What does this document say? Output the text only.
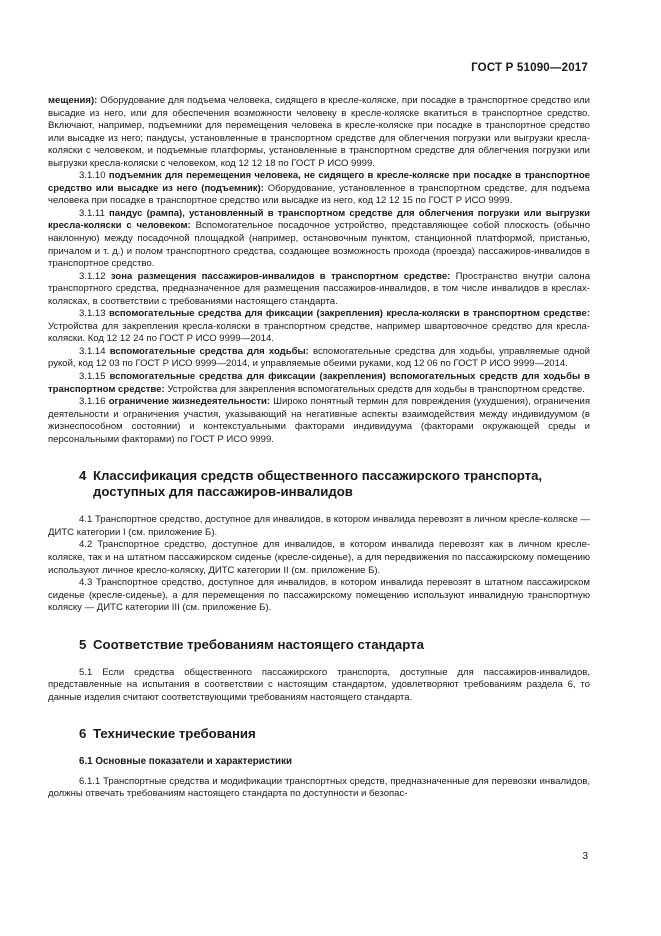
ГОСТ Р 51090—2017

мещения): Оборудование для подъема человека, сидящего в кресле-коляске, при посадке в транспортное средство или высадке из него, или для обеспечения возможности человеку в кресле-коляске вкатиться в транспортное средство. Включают, например, подъемники для перемещения человека в кресле-коляске при посадке в транспортное средство или высадке из него; пандусы, установленные в транспортном средстве для облегчения погрузки или выгрузки кресла-коляски с человеком, и подъемные платформы, установленные в транспортном средстве для облегчения погрузки или выгрузки кресла-коляски с человеком, код 12 12 18 по ГОСТ Р ИСО 9999.

3.1.10 подъемник для перемещения человека, не сидящего в кресле-коляске при посадке в транспортное средство или высадке из него (подъемник): Оборудование, установленное в транспортном средстве, для подъема человека при посадке в транспортное средство или высадке из него, код 12 12 15 по ГОСТ Р ИСО 9999.

3.1.11 пандус (рампа), установленный в транспортном средстве для облегчения погрузки или выгрузки кресла-коляски с человеком: Вспомогательное посадочное устройство, представляющее собой плоскость (обычно наклонную) между посадочной площадкой (например, остановочным пунктом, станционной платформой, пристанью, причалом и т. д.) и полом транспортного средства, создающее возможность прохода (проезда) пассажиров-инвалидов в транспортное средство.

3.1.12 зона размещения пассажиров-инвалидов в транспортном средстве: Пространство внутри салона транспортного средства, предназначенное для размещения пассажиров-инвалидов, в том числе инвалидов в креслах-колясках, в соответствии с требованиями настоящего стандарта.

3.1.13 вспомогательные средства для фиксации (закрепления) кресла-коляски в транспортном средстве: Устройства для закрепления кресла-коляски в транспортном средстве, например швартовочное средство для кресла-коляски. Код 12 12 24 по ГОСТ Р ИСО 9999—2014.

3.1.14 вспомогательные средства для ходьбы: вспомогательные средства для ходьбы, управляемые одной рукой, код 12 03 по ГОСТ Р ИСО 9999—2014, и управляемые обеими руками, код 12 06 по ГОСТ Р ИСО 9999—2014.

3.1.15 вспомогательные средства для фиксации (закрепления) вспомогательных средств для ходьбы в транспортном средстве: Устройства для закрепления вспомогательных средств для ходьбы в транспортном средстве.

3.1.16 ограничение жизнедеятельности: Широко понятный термин для повреждения (ухудшения), ограничения деятельности и ограничения участия, указывающий на негативные аспекты взаимодействия между индивидуумом (в жизнеспособном состоянии) и контекстуальными факторами индивидуума (факторами окружающей среды и персональными факторами) по ГОСТ Р ИСО 9999.

4 Классификация средств общественного пассажирского транспорта,
доступных для пассажиров-инвалидов

4.1 Транспортное средство, доступное для инвалидов, в котором инвалида перевозят в личном кресле-коляске — ДИТС категории I (см. приложение Б).

4.2 Транспортное средство, доступное для инвалидов, в котором инвалида перевозят как в личном кресле-коляске, так и на штатном пассажирском сиденье (кресле-сиденье), а для передвижения по пассажирскому помещению используют личное кресло-коляску, ДИТС категории II (см. приложение Б).

4.3 Транспортное средство, доступное для инвалидов, в котором инвалида перевозят в штатном пассажирском сиденье (кресле-сиденье), а для перемещения по пассажирскому помещению используют инвалидную транспортную коляску — ДИТС категории III (см. приложение Б).

5 Соответствие требованиям настоящего стандарта

5.1 Если средства общественного пассажирского транспорта, доступные для пассажиров-инвалидов, представленные на испытания в соответствии с настоящим стандартом, удовлетворяют требованиям раздела 6, то данные изделия считают соответствующими требованиям настоящего стандарта.

6 Технические требования
6.1 Основные показатели и характеристики

6.1.1 Транспортные средства и модификации транспортных средств, предназначенные для перевозки инвалидов, должны отвечать требованиям настоящего стандарта по доступности и безопас-

3
